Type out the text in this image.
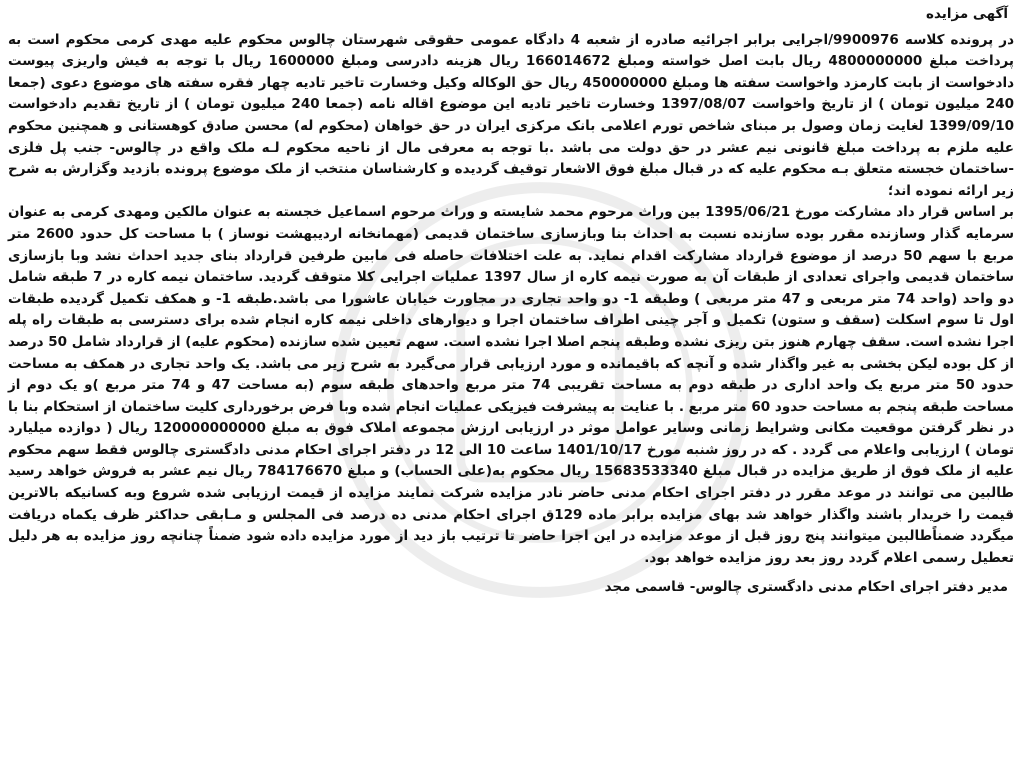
آگهی مزایده

در پرونده کلاسه 9900976/اجرایی برابر اجرائیه صادره از شعبه 4 دادگاه عمومی حقوقی شهرستان چالوس محکوم علیه مهدی کرمی محکوم است به پرداخت مبلغ 4800000000 ریال بابت اصل خواسته ومبلغ 166014672 ریال هزینه دادرسی ومبلغ 1600000 ریال با توجه به فیش واریزی پیوست دادخواست از بابت کارمزد واخواست سفته ها ومبلغ 450000000 ریال حق الوکاله وکیل وخسارت تاخیر تادیه چهار فقره سفته های موضوع دعوی (جمعا 240 میلیون تومان ) از تاریخ واخواست 1397/08/07 وخسارت تاخیر تادیه این موضوع اقاله نامه (جمعا 240 میلیون تومان ) از تاریخ تقدیم دادخواست 1399/09/10 لغایت زمان وصول بر مبنای شاخص تورم اعلامی بانک مرکزی ایران در حق خواهان (محکوم له) محسن صادق کوهستانی و همچنین محکوم علیه ملزم به پرداخت مبلغ قانونی نیم عشر در حق دولت می باشد .با توجه به معرفی مال از ناحیه محکوم لـه ملک واقع در چالوس- جنب پل فلزی -ساختمان خجسته متعلق بـه محکوم علیه که در قبال مبلغ فوق الاشعار توقیف گردیده و کارشناسان منتخب از ملک موضوع پرونده بازدید وگزارش به شرح زیر ارائه نموده اند؛

بر اساس قرار داد مشارکت مورخ 1395/06/21 بین وراث مرحوم محمد شایسته و وراث مرحوم اسماعیل خجسته به عنوان مالکین ومهدی کرمی به عنوان سرمایه گذار وسازنده مقرر بوده سازنده نسبت به احداث بنا وبازسازی ساختمان قدیمی (مهمانخانه اردیبهشت نوساز ) با مساحت کل حدود 2600 متر مربع با سهم 50 درصد از موضوع قرارداد مشارکت اقدام نماید. به علت اختلافات حاصله فی مابین طرفین قرارداد بنای جدید احداث نشد وبا بازسازی ساختمان قدیمی واجرای تعدادی از طبقات آن به صورت نیمه کاره از سال 1397 عملیات اجرایی کلا متوقف گردید. ساختمان نیمه کاره در 7 طبقه شامل دو واحد (واحد 74 متر مربعی و 47 متر مربعی ) وطبقه 1- دو واحد تجاری در مجاورت خیابان عاشورا می باشد.طبقه 1- و همکف تکمیل گردیده طبقات اول تا سوم اسکلت (سقف و ستون) تکمیل و آجر چینی اطراف ساختمان اجرا و دیوارهای داخلی نیمه کاره انجام شده برای دسترسی به طبقات راه پله اجرا نشده است. سقف چهارم هنوز بتن ریزی نشده وطبقه پنجم اصلا اجرا نشده است. سهم تعیین شده سازنده (محکوم علیه) از قرارداد شامل 50 درصد از کل بوده لیکن بخشی به غیر واگذار شده و آنچه که باقیمانده و مورد ارزیابی قرار می‌گیرد به شرح زیر می باشد. یک واحد تجاری در همکف به مساحت حدود 50 متر مربع یک واحد اداری در طبقه دوم به مساحت تقریبی 74 متر مربع واحدهای طبقه سوم (به مساحت 47 و 74 متر مربع )و یک دوم از مساحت طبقه پنجم به مساحت حدود 60 متر مربع . با عنایت به پیشرفت فیزیکی عملیات انجام شده وبا فرض برخورداری کلیت ساختمان از استحکام بنا با در نظر گرفتن موقعیت مکانی وشرایط زمانی وسایر عوامل موثر در ارزیابی ارزش مجموعه املاک فوق به مبلغ 120000000000 ریال ( دوازده میلیارد تومان ) ارزیابی واعلام می گردد . که در روز شنبه مورخ 1401/10/17 ساعت 10 الی 12 در دفتر اجرای احکام مدنی دادگستری چالوس فقط سهم محکوم علیه از ملک فوق از طریق مزایده در قبال مبلغ 15683533340 ریال محکوم به(علی الحساب) و مبلغ 784176670 ریال نیم عشر به فروش خواهد رسید طالبین می توانند در موعد مقرر در دفتر اجرای احکام مدنی حاضر نادر مزایده شرکت نمایند مزایده از قیمت ارزیابی شده شروع وبه کسانیکه بالاترین قیمت را خریدار باشند واگذار خواهد شد بهای مزایده برابر ماده 129ق اجرای احکام مدنی ده درصد فی المجلس و مـابقی حداکثر ظرف یکماه دریافت میگردد ضمناًطالبین میتوانند پنج روز قبل از موعد مزایده در این اجرا حاضر تا ترتیب باز دید از مورد مزایده داده شود ضمناً چنانچه روز مزایده به هر دلیل تعطیل رسمی اعلام گردد روز بعد روز مزایده خواهد بود.

مدیر دفتر اجرای احکام مدنی دادگستری چالوس- قاسمی مجد
